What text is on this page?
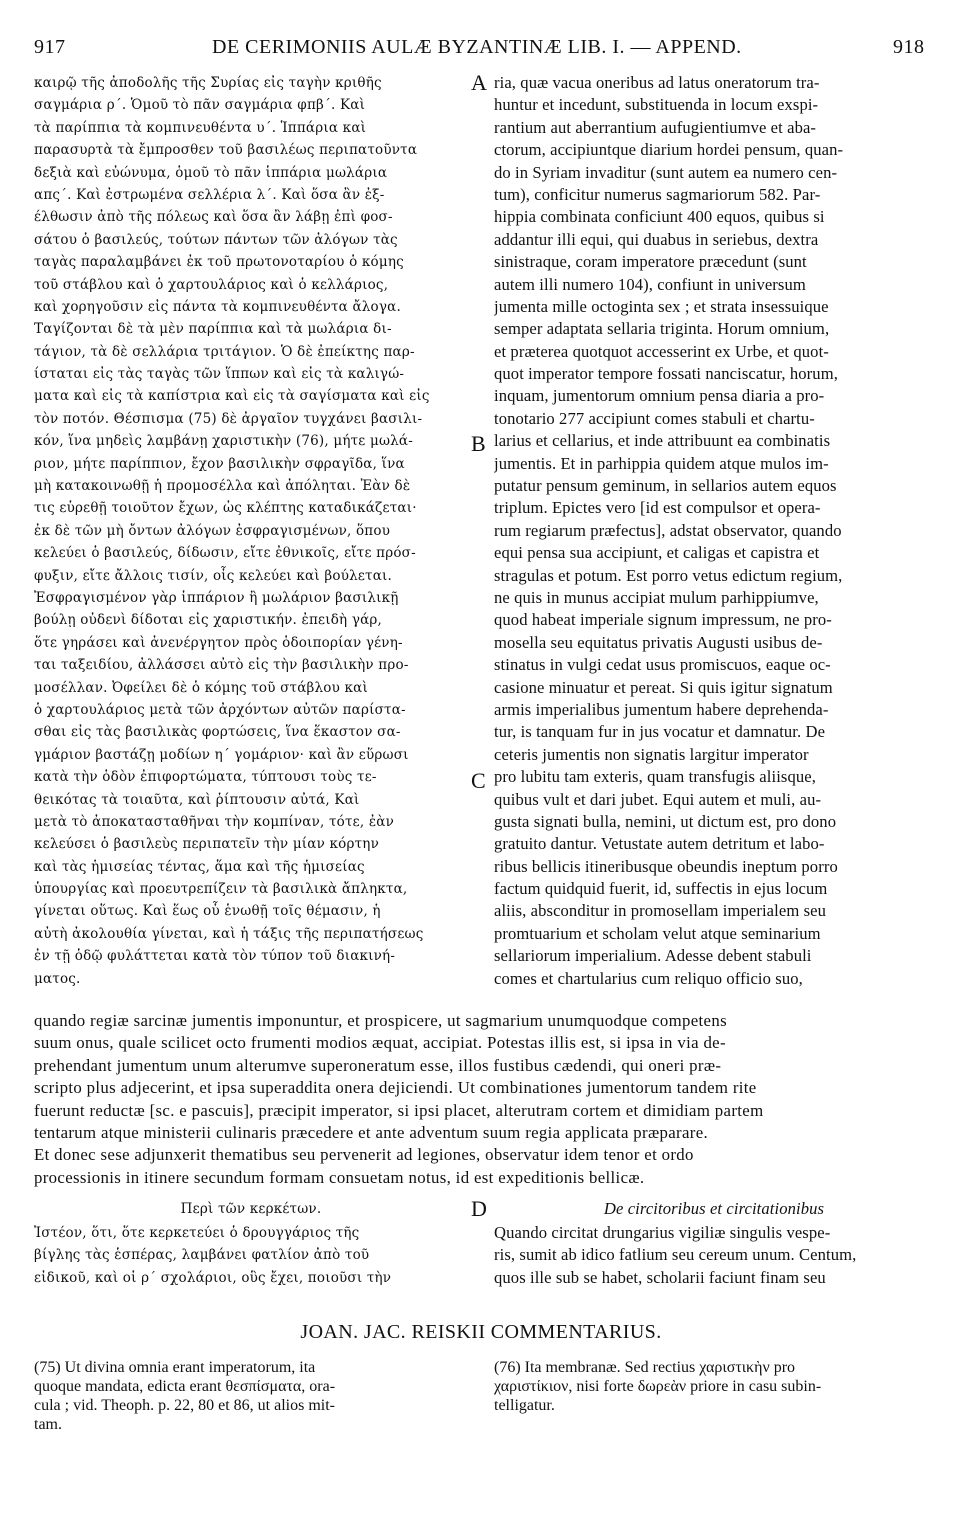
917	DE CERIMONIIS AULÆ BYZANTINÆ LIB. I. — APPEND.	918
καιρῷ τῆς ἀποδολῆς τῆς Συρίας εἰς ταγὴν κριθῆς
σαγμάρια ρ΄. Ὁμοῦ τὸ πᾶν σαγμάρια φπβ΄. Καὶ
τὰ παρίππια τὰ κομπινευθέντα υ΄. Ἱππάρια καὶ
παρασυρτὰ τὰ ἔμπροσθεν τοῦ βασιλέως περιπατοῦντα
δεξιὰ καὶ εὐώνυμα, ὁμοῦ τὸ πᾶν ἱππάρια μωλάρια
απς΄. Καὶ ἐστρωμένα σελλέρια λ΄. Καὶ ὅσα ἂν ἐξ-
έλθωσιν ἀπὸ τῆς πόλεως καὶ ὅσα ἂν λάβῃ ἐπὶ φοσ-
σάτου ὁ βασιλεύς, τούτων πάντων τῶν ἀλόγων τὰς
ταγὰς παραλαμβάνει ἐκ τοῦ πρωτονοταρίου ὁ κόμης
τοῦ στάβλου καὶ ὁ χαρτουλάριος καὶ ὁ κελλάριος,
καὶ χορηγοῦσιν εἰς πάντα τὰ κομπινευθέντα ἄλογα.
Ταγίζονται δὲ τὰ μὲν παρίππια καὶ τὰ μωλάρια δι-
τάγιον, τὰ δὲ σελλάρια τριτάγιον. Ὁ δὲ ἐπείκτης παρ-
ίσταται εἰς τὰς ταγὰς τῶν ἵππων καὶ εἰς τὰ καλιγώ-
ματα καὶ εἰς τὰ καπίστρια καὶ εἰς τὰ σαγίσματα καὶ εἰς
τὸν ποτόν. Θέσπισμα (75) δὲ ἀργαῖον τυγχάνει βασιλι-
κόν, ἵνα μηδεὶς λαμβάνῃ χαριστικὴν (76), μήτε μωλά-
ριον, μήτε παρίππιον, ἔχον βασιλικὴν σφραγῖδα, ἵνα
μὴ κατακοινωθῇ ἡ προμοσέλλα καὶ ἀπόληται. Ἐὰν δὲ
τις εὑρεθῇ τοιοῦτον ἔχων, ὡς κλέπτης καταδικάζεται·
ἐκ δὲ τῶν μὴ ὄντων ἀλόγων ἐσφραγισμένων, ὅπου
κελεύει ὁ βασιλεύς, δίδωσιν, εἴτε ἐθνικοῖς, εἴτε πρόσ-
φυξιν, εἴτε ἄλλοις τισίν, οἷς κελεύει καὶ βούλεται.
Ἐσφραγισμένον γὰρ ἱππάριον ἢ μωλάριον βασιλικῇ
βούλῃ οὐδενὶ δίδοται εἰς χαριστικήν. ἐπειδὴ γάρ,
ὅτε γηράσει καὶ ἀνενέργητον πρὸς ὁδοιπορίαν γένη-
ται ταξειδίου, ἀλλάσσει αὐτὸ εἰς τὴν βασιλικὴν προ-
μοσέλλαν. Ὀφείλει δὲ ὁ κόμης τοῦ στάβλου καὶ
ὁ χαρτουλάριος μετὰ τῶν ἀρχόντων αὐτῶν παρίστα-
σθαι εἰς τὰς βασιλικὰς φορτώσεις, ἵνα ἕκαστον σα-
γμάριον βαστάζῃ μοδίων η΄ γομάριον· καὶ ἂν εὕρωσι
κατὰ τὴν ὁδὸν ἐπιφορτώματα, τύπτουσι τοὺς τε-
θεικότας τὰ τοιαῦτα, καὶ ῥίπτουσιν αὐτά, Καὶ
μετὰ τὸ ἀποκατασταθῆναι τὴν κομπίναν, τότε, ἐὰν
κελεύσει ὁ βασιλεὺς περιπατεῖν τὴν μίαν κόρτην
καὶ τὰς ἡμισείας τέντας, ἅμα καὶ τῆς ἡμισείας
ὑπουργίας καὶ προευτρεπίζειν τὰ βασιλικὰ ἄπληκτα,
γίνεται οὕτως. Καὶ ἕως οὗ ἑνωθῇ τοῖς θέμασιν, ἡ
αὐτὴ ἀκολουθία γίνεται, καὶ ἡ τάξις τῆς περιπατήσεως
ἐν τῇ ὁδῷ φυλάττεται κατὰ τὸν τύπον τοῦ διακινή-
ματος.
ria, quæ vacua oneribus ad latus oneratorum tra-
huntur et incedunt, substituenda in locum exspi-
rantium aut aberrantium aufugientiumve et aba-
ctorum, accipiuntque diarium hordei pensum, quan-
do in Syriam invaditur (sunt autem ea numero cen-
tum), conficitur numerus sagmariorum 582. Par-
hippia combinata conficiunt 400 equos, quibus si
addantur illi equi, qui duabus in seriebus, dextra
sinistraque, coram imperatore præcedunt (sunt
autem illi numero 104), confiunt in universum
jumenta mille octoginta sex ; et strata insessuique
semper adaptata sellaria triginta. Horum omnium,
et præterea quotquot accesserint ex Urbe, et quot-
quot imperator tempore fossati nanciscatur, horum,
inquam, jumentorum omnium pensa diaria a pro-
tonotario 277 accipiunt comes stabuli et chartu-
larius et cellarius, et inde attribuunt ea combinatis
jumentis. Et in parhippia quidem atque mulos im-
putatur pensum geminum, in sellarios autem equos
triplum. Epictes vero [id est compulsor et opera-
rum regiarum præfectus], adstat observator, quando
equi pensa sua accipiunt, et caligas et capistra et
stragulas et potum. Est porro vetus edictum regium,
ne quis in munus accipiat mulum parhippiumve,
quod habeat imperiale signum impressum, ne pro-
mosella seu equitatus privatis Augusti usibus de-
stinatus in vulgi cedat usus promiscuos, eaque oc-
casione minuatur et pereat. Si quis igitur signatum
armis imperialibus jumentum habere deprehenda-
tur, is tanquam fur in jus vocatur et damnatur. De
ceteris jumentis non signatis largitur imperator
pro lubitu tam exteris, quam transfugis aliisque,
quibus vult et dari jubet. Equi autem et muli, au-
gusta signati bulla, nemini, ut dictum est, pro dono
gratuito dantur. Vetustate autem detritum et labo-
ribus bellicis itineribusque obeundis ineptum porro
factum quidquid fuerit, id, suffectis in ejus locum
aliis, absconditur in promosellam imperialem seu
promtuarium et scholam velut atque seminarium
sellariorum imperialium. Adesse debent stabuli
comes et chartularius cum reliquo officio suo,
A
B
C
D
quando regiæ sarcinæ jumentis imponuntur, et prospicere, ut sagmarium unumquodque competens
suum onus, quale scilicet octo frumenti modios æquat, accipiat. Potestas illis est, si ipsa in via de-
prehendant jumentum unum alterumve superoneratum esse, illos fustibus cædendi, qui oneri præ-
scripto plus adjecerint, et ipsa superaddita onera dejiciendi. Ut combinationes jumentorum tandem rite
fuerunt reductæ [sc. e pascuis], præcipit imperator, si ipsi placet, alterutram cortem et dimidiam partem
tentarum atque ministerii culinaris præcedere et ante adventum suum regia applicata præparare.
Et donec sese adjunxerit thematibus seu pervenerit ad legiones, observatur idem tenor et ordo
processionis in itinere secundum formam consuetam notus, id est expeditionis bellicæ.
Περὶ τῶν κερκέτων.	De circitoribus et circitationibus
Ἰστέον, ὅτι, ὅτε κερκετεύει ὁ δρουγγάριος τῆς
βίγλης τὰς ἑσπέρας, λαμβάνει φατλίον ἀπὸ τοῦ
εἰδικοῦ, καὶ οἱ ρ΄ σχολάριοι, οὓς ἔχει, ποιοῦσι τὴν
Quando circitat drungarius vigiliæ singulis vespe-
ris, sumit ab idico fatlium seu cereum unum. Centum,
quos ille sub se habet, scholarii faciunt finam seu
JOAN. JAC. REISKII COMMENTARIUS.
(75) Ut divina omnia erant imperatorum, ita
quoque mandata, edicta erant θεσπίσματα, ora-
cula ; vid. Theoph. p. 22, 80 et 86, ut alios mit-
tam.
(76) Ita membranæ. Sed rectius χαριστικὴν pro
χαριστίκιον, nisi forte δωρεὰν priore in casu subin-
telligatur.
